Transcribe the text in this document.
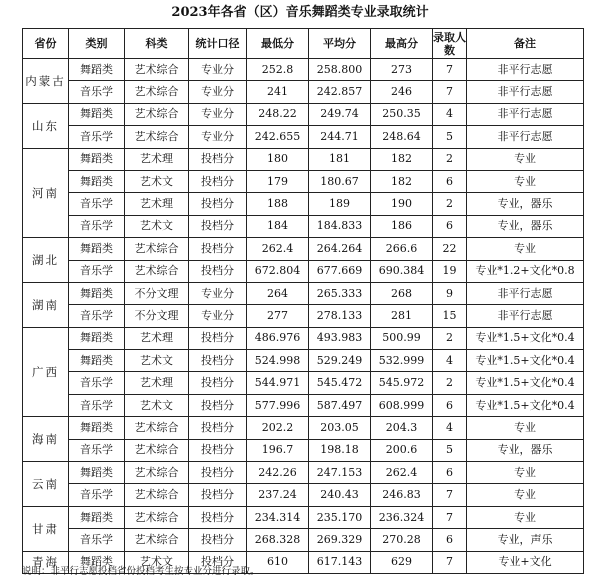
2023年各省（区）音乐舞蹈类专业录取统计
省份	类别	科类	统计口径	最低分	平均分	最高分	录取人数	备注
内蒙古	舞蹈类	艺术综合	专业分	252.8	258.800	273	7	非平行志愿
	音乐学	艺术综合	专业分	241	242.857	246	7	非平行志愿
山东	舞蹈类	艺术综合	专业分	248.22	249.74	250.35	4	非平行志愿
	音乐学	艺术综合	专业分	242.655	244.71	248.64	5	非平行志愿
河南	舞蹈类	艺术理	投档分	180	181	182	2	专业
	舞蹈类	艺术文	投档分	179	180.67	182	6	专业
	音乐学	艺术理	投档分	188	189	190	2	专业，器乐
	音乐学	艺术文	投档分	184	184.833	186	6	专业，器乐
湖北	舞蹈类	艺术综合	投档分	262.4	264.264	266.6	22	专业
	音乐学	艺术综合	投档分	672.804	677.669	690.384	19	专业*1.2+文化*0.8
湖南	舞蹈类	不分文理	专业分	264	265.333	268	9	非平行志愿
	音乐学	不分文理	专业分	277	278.133	281	15	非平行志愿
广西	舞蹈类	艺术理	投档分	486.976	493.983	500.99	2	专业*1.5+文化*0.4
	舞蹈类	艺术文	投档分	524.998	529.249	532.999	4	专业*1.5+文化*0.4
	音乐学	艺术理	投档分	544.971	545.472	545.972	2	专业*1.5+文化*0.4
	音乐学	艺术文	投档分	577.996	587.497	608.999	6	专业*1.5+文化*0.4
海南	舞蹈类	艺术综合	投档分	202.2	203.05	204.3	4	专业
	音乐学	艺术综合	投档分	196.7	198.18	200.6	5	专业，器乐
云南	舞蹈类	艺术综合	投档分	242.26	247.153	262.4	6	专业
	音乐学	艺术综合	投档分	237.24	240.43	246.83	7	专业
甘肃	舞蹈类	艺术综合	投档分	234.314	235.170	236.324	7	专业
	音乐学	艺术综合	投档分	268.328	269.329	270.28	6	专业，声乐
青海	舞蹈类	艺术文	投档分	610	617.143	629	7	专业+文化
说明：非平行志愿投档省份投档考生按专业分进行录取。
